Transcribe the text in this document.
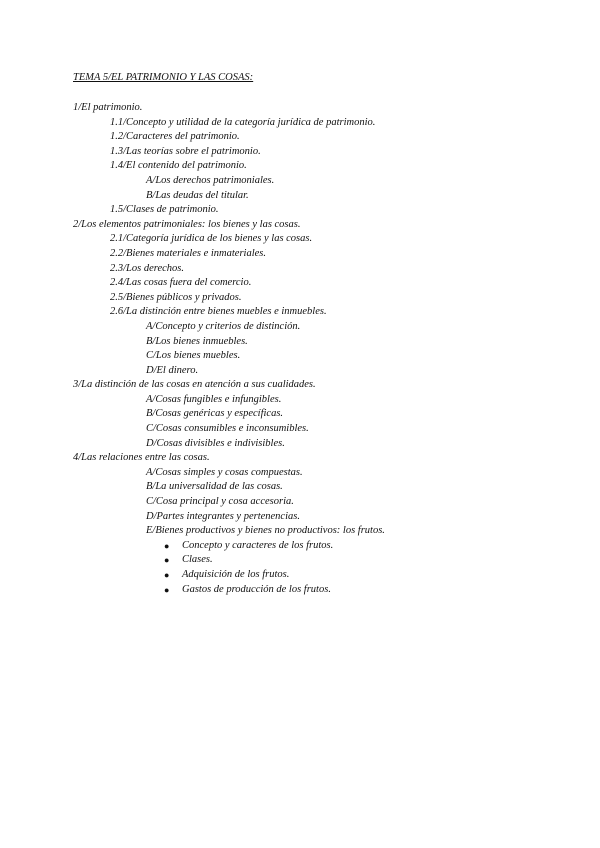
TEMA 5/EL PATRIMONIO Y LAS COSAS:
1/El patrimonio.
1.1/Concepto y utilidad de la categoría jurídica de patrimonio.
1.2/Caracteres del patrimonio.
1.3/Las teorías sobre el patrimonio.
1.4/El contenido del patrimonio.
A/Los derechos patrimoniales.
B/Las deudas del titular.
1.5/Clases de patrimonio.
2/Los elementos patrimoniales: los bienes y las cosas.
2.1/Categoría jurídica de los bienes y las cosas.
2.2/Bienes materiales e inmateriales.
2.3/Los derechos.
2.4/Las cosas fuera del comercio.
2.5/Bienes públicos y privados.
2.6/La distinción entre bienes muebles e inmuebles.
A/Concepto y criterios de distinción.
B/Los bienes inmuebles.
C/Los bienes muebles.
D/El dinero.
3/La distinción de las cosas en atención a sus cualidades.
A/Cosas fungibles e infungibles.
B/Cosas genéricas y específicas.
C/Cosas consumibles e inconsumibles.
D/Cosas divisibles e indivisibles.
4/Las relaciones entre las cosas.
A/Cosas simples y cosas compuestas.
B/La universalidad de las cosas.
C/Cosa principal y cosa accesoria.
D/Partes integrantes y pertenencias.
E/Bienes productivos y bienes no productivos: los frutos.
● Concepto y caracteres de los frutos.
● Clases.
● Adquisición de los frutos.
● Gastos de producción de los frutos.
